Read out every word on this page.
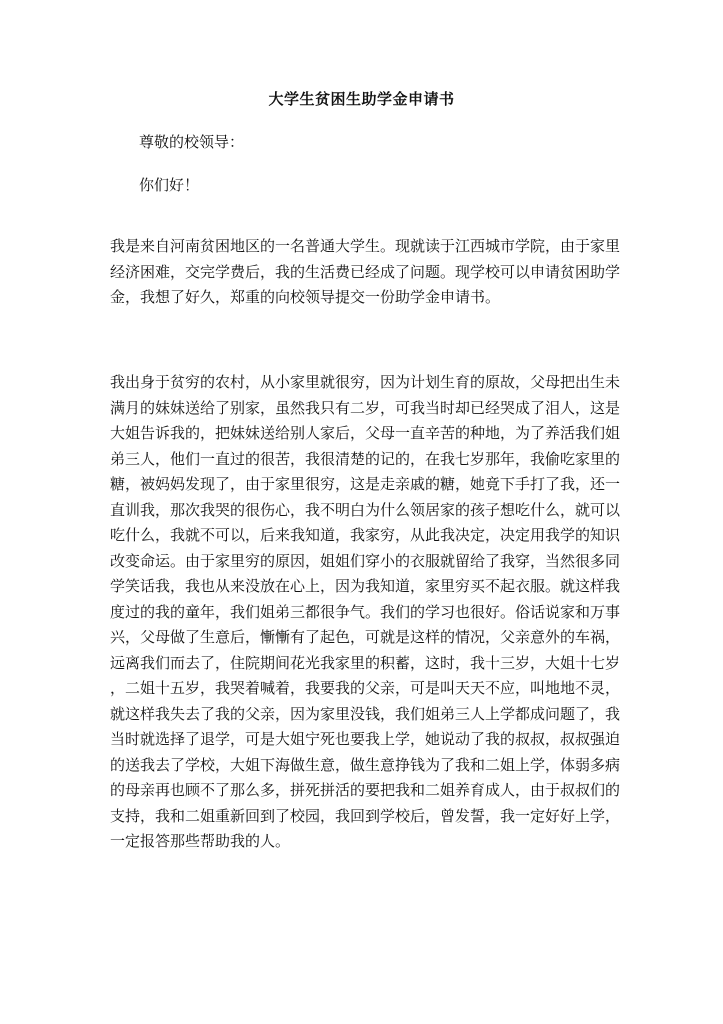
大学生贫困生助学金申请书
尊敬的校领导：
你们好！

我是来自河南贫困地区的一名普通大学生。现就读于江西城市学院，由于家里
经济困难，交完学费后，我的生活费已经成了问题。现学校可以申请贫困助学
金，我想了好久，郑重的向校领导提交一份助学金申请书。

我出身于贫穷的农村，从小家里就很穷，因为计划生育的原故，父母把出生未
满月的妹妹送给了别家，虽然我只有二岁，可我当时却已经哭成了泪人，这是
大姐告诉我的，把妹妹送给别人家后，父母一直辛苦的种地，为了养活我们姐
弟三人，他们一直过的很苦，我很清楚的记的，在我七岁那年，我偷吃家里的
糖，被妈妈发现了，由于家里很穷，这是走亲戚的糖，她竟下手打了我，还一
直训我，那次我哭的很伤心，我不明白为什么领居家的孩子想吃什么，就可以
吃什么，我就不可以，后来我知道，我家穷，从此我决定，决定用我学的知识
改变命运。由于家里穷的原因，姐姐们穿小的衣服就留给了我穿，当然很多同
学笑话我，我也从来没放在心上，因为我知道，家里穷买不起衣服。就这样我
度过的我的童年，我们姐弟三都很争气。我们的学习也很好。俗话说家和万事
兴，父母做了生意后，慚慚有了起色，可就是这样的情况，父亲意外的车祸，
远离我们而去了，住院期间花光我家里的积蓄，这时，我十三岁，大姐十七岁
，二姐十五岁，我哭着喊着，我要我的父亲，可是叫天天不应，叫地地不灵，
就这样我失去了我的父亲，因为家里没钱，我们姐弟三人上学都成问题了，我
当时就选择了退学，可是大姐宁死也要我上学，她说动了我的叔叔，叔叔强迫
的送我去了学校，大姐下海做生意，做生意挣钱为了我和二姐上学，体弱多病
的母亲再也顾不了那么多，拼死拼活的要把我和二姐养育成人，由于叔叔们的
支持，我和二姐重新回到了校园，我回到学校后，曾发誓，我一定好好上学，
一定报答那些帮助我的人。
